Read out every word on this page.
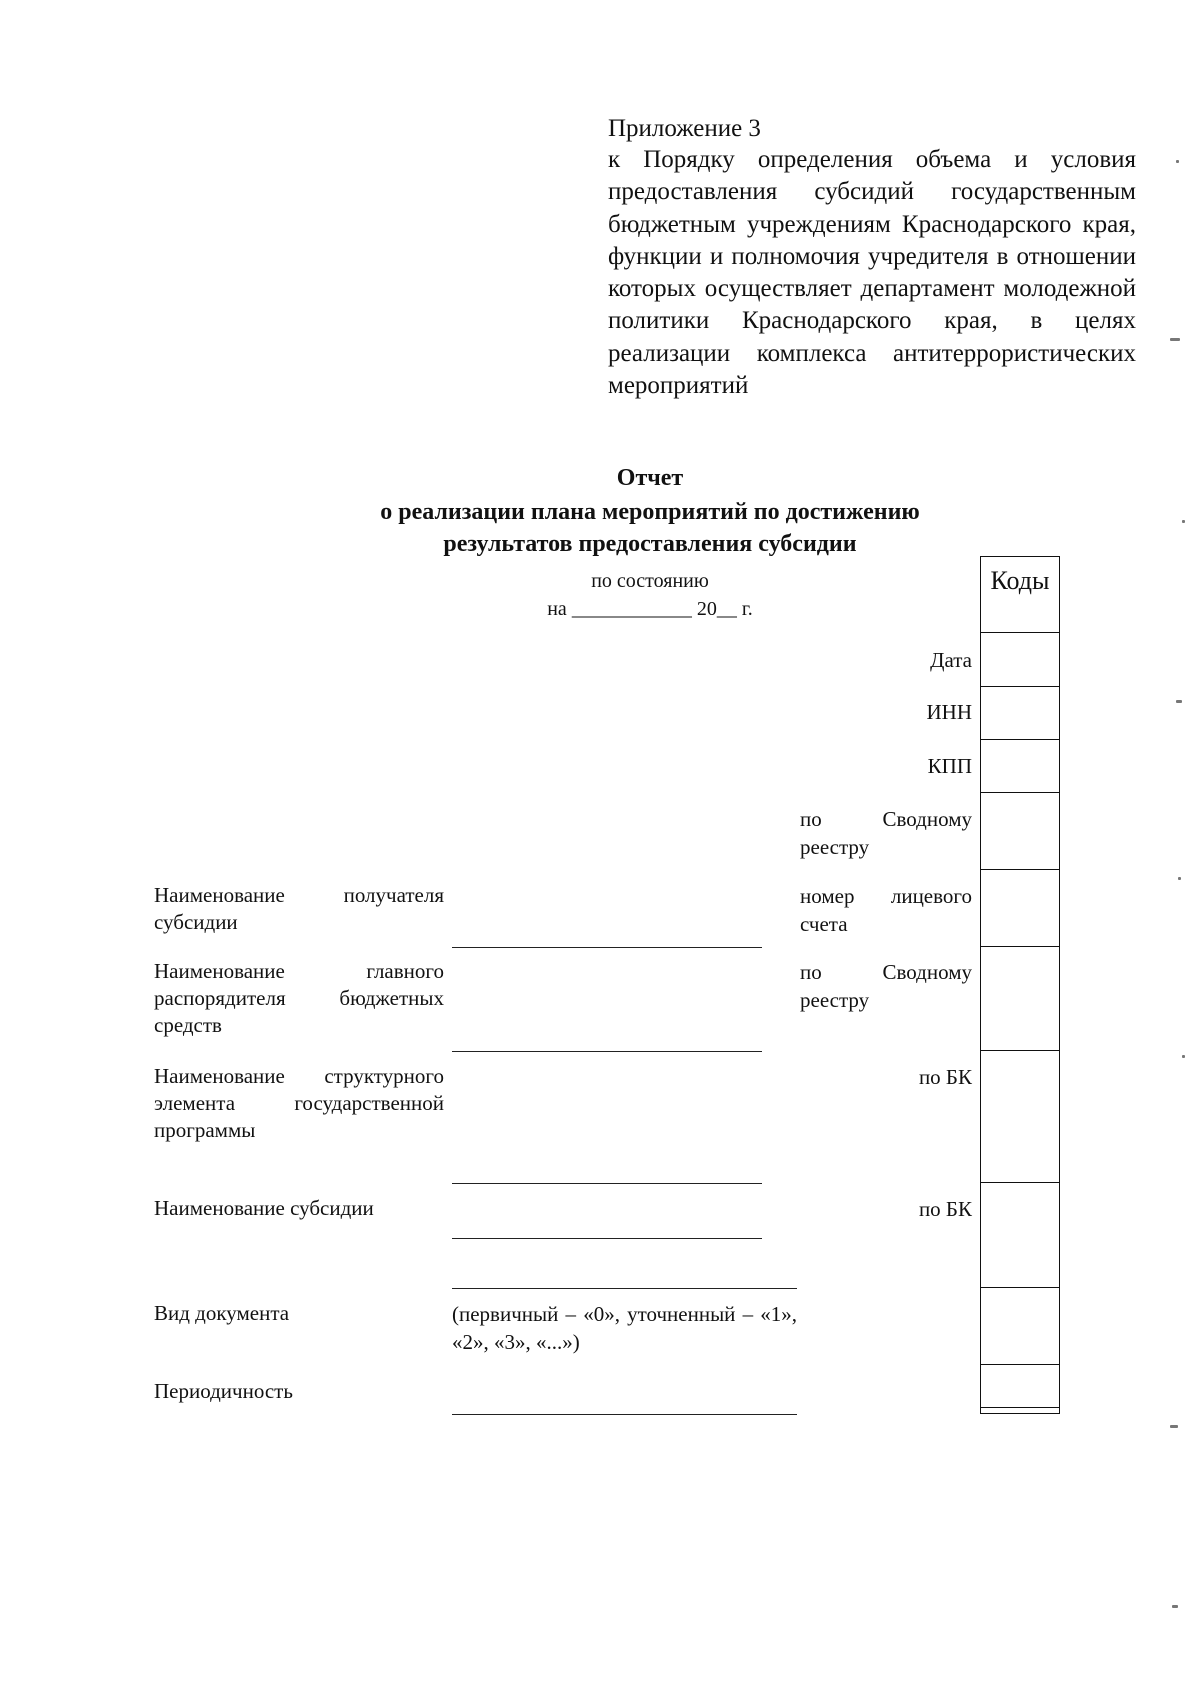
Приложение 3
к Порядку определения объема и условия предоставления субсидий государственным бюджетным учреждениям Краснодарского края, функции и полномочия учредителя в отношении которых осуществляет департамент молодежной политики Краснодарского края, в целях реализации комплекса антитеррористических мероприятий
Отчет
о реализации плана мероприятий по достижению
результатов предоставления субсидии
по состоянию
на ____________ 20__ г.
Коды
Дата
ИНН
КПП
по Сводному реестру
номер лицевого счета
по Сводному реестру
по БК
по БК
Наименование получателя субсидии
Наименование главного распорядителя бюджетных средств
Наименование структурного элемента государственной программы
Наименование субсидии
Вид документа	(первичный – «0», уточненный – «1», «2», «3», «...»)
Периодичность
